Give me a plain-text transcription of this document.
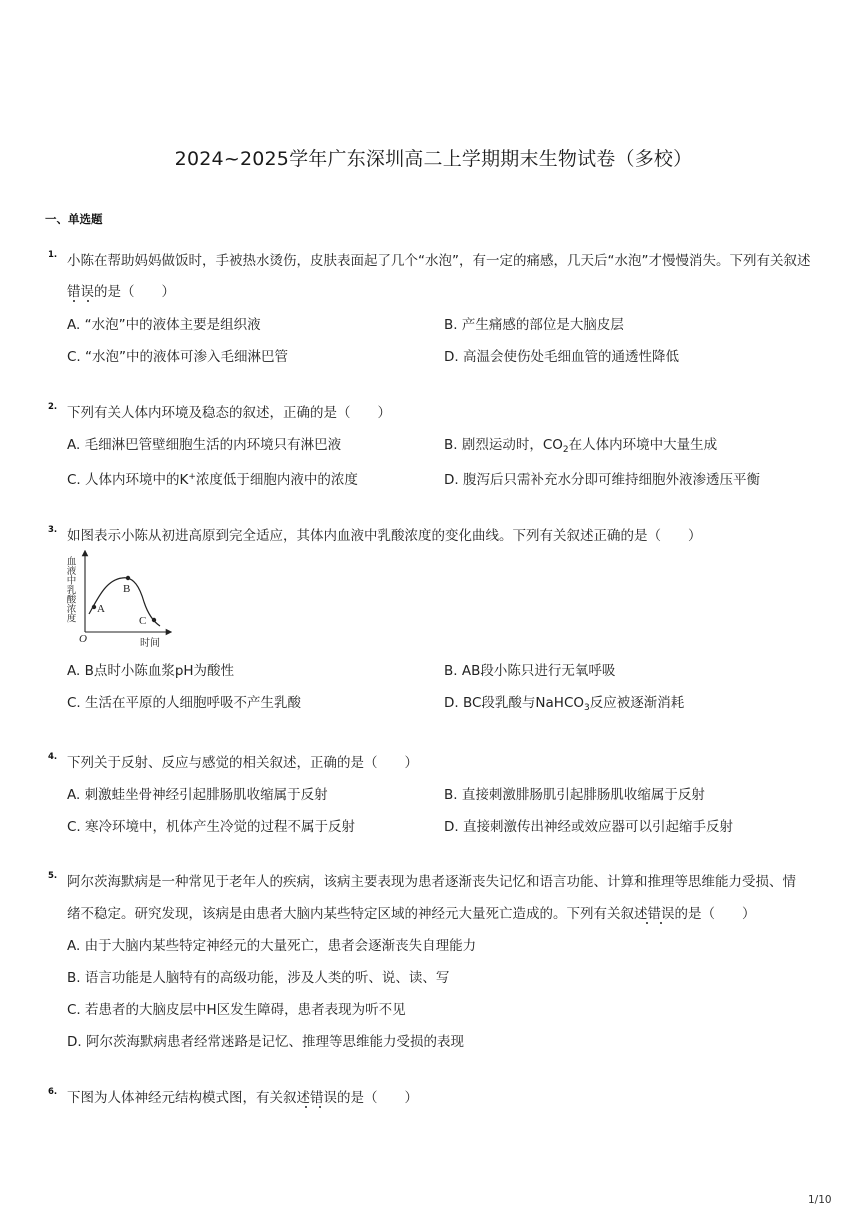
2024~2025学年广东深圳高二上学期期末生物试卷（多校）
一、单选题
1. 小陈在帮助妈妈做饭时，手被热水烫伤，皮肤表面起了几个“水泡”，有一定的痛感，几天后“水泡”才慢慢消失。下列有关叙述
错误的是（　　）
A. “水泡”中的液体主要是组织液	B. 产生痛感的部位是大脑皮层
C. “水泡”中的液体可渗入毛细淋巴管	D. 高温会使伤处毛细血管的通透性降低
2. 下列有关人体内环境及稳态的叙述，正确的是（　　）
A. 毛细淋巴管壁细胞生活的内环境只有淋巴液	B. 剧烈运动时，$CO_2$在人体内环境中大量生成
C. 人体内环境中的K+浓度低于细胞内液中的浓度	D. 腹泻后只需补充水分即可维持细胞外液渗透压平衡
3. 如图表示小陈从初进高原到完全适应，其体内血液中乳酸浓度的变化曲线。下列有关叙述正确的是（　　）
A
B
C
O	时间
血液中乳酸浓度
A. B点时小陈血浆pH为酸性	B. AB段小陈只进行无氧呼吸
C. 生活在平原的人细胞呼吸不产生乳酸	D. BC段乳酸与NaHCO$_3$反应被逐渐消耗
4. 下列关于反射、反应与感觉的相关叙述，正确的是（　　）
A. 刺激蛙坐骨神经引起腓肠肌收缩属于反射	B. 直接刺激腓肠肌引起腓肠肌收缩属于反射
C. 寒冷环境中，机体产生冷觉的过程不属于反射	D. 直接刺激传出神经或效应器可以引起缩手反射
5. 阿尔茨海默病是一种常见于老年人的疾病，该病主要表现为患者逐渐丧失记忆和语言功能、计算和推理等思维能力受损、情
绪不稳定。研究发现，该病是由患者大脑内某些特定区域的神经元大量死亡造成的。下列有关叙述错误的是（　　）
A. 由于大脑内某些特定神经元的大量死亡，患者会逐渐丧失自理能力
B. 语言功能是人脑特有的高级功能，涉及人类的听、说、读、写
C. 若患者的大脑皮层中H区发生障碍，患者表现为听不见
D. 阿尔茨海默病患者经常迷路是记忆、推理等思维能力受损的表现
6. 下图为人体神经元结构模式图，有关叙述错误的是（　　）
1/10
